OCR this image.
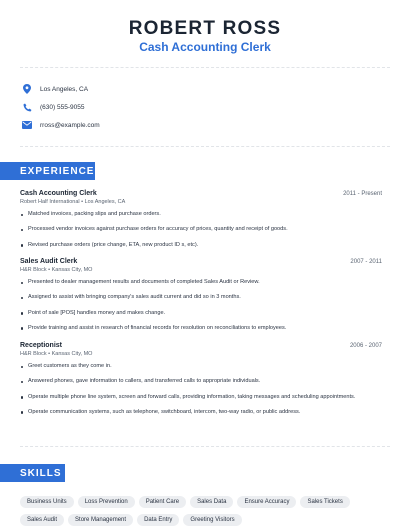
ROBERT ROSS
Cash Accounting Clerk
Los Angeles, CA
(630) 555-9055
rross@example.com
EXPERIENCE
Cash Accounting Clerk	2011 - Present
Robert Half International • Los Angeles, CA
Matched invoices, packing slips and purchase orders.
Processed vendor invoices against purchase orders for accuracy of prices, quantity and receipt of goods.
Revised purchase orders (price change, ETA, new product ID s, etc).
Sales Audit Clerk	2007 - 2011
H&R Block • Kansas City, MO
Presented to dealer management results and documents of completed Sales Audit or Review.
Assigned to assist with bringing company's sales audit current and did so in 3 months.
Point of sale [POS] handles money and makes change.
Provide training and assist in research of financial records for resolution on reconciliations to employees.
Receptionist	2006 - 2007
H&R Block • Kansas City, MO
Greet customers as they come in.
Answered phones, gave information to callers, and transferred calls to appropriate individuals.
Operate multiple phone line system, screen and forward calls, providing information, taking messages and scheduling appointments.
Operate communication systems, such as telephone, switchboard, intercom, two-way radio, or public address.
SKILLS
Business Units	Loss Prevention	Patient Care	Sales Data	Ensure Accuracy	Sales Tickets
Sales Audit	Store Management	Data Entry	Greeting Visitors
